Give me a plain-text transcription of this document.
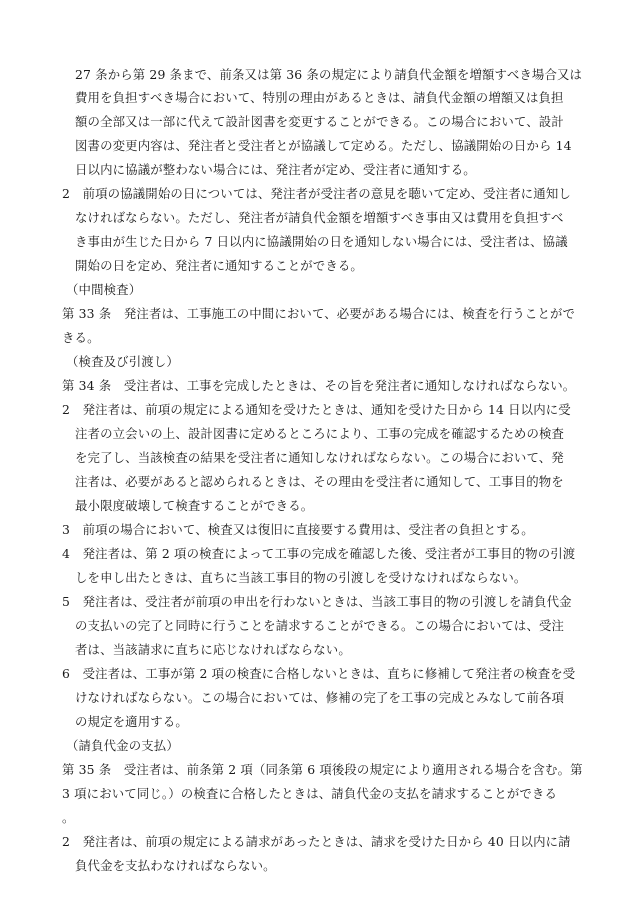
27 条から第 29 条まで、前条又は第 36 条の規定により請負代金額を増額すべき場合又は
費用を負担すべき場合において、特別の理由があるときは、請負代金額の増額又は負担
額の全部又は一部に代えて設計図書を変更することができる。この場合において、設計
図書の変更内容は、発注者と受注者とが協議して定める。ただし、協議開始の日から 14
日以内に協議が整わない場合には、発注者が定め、受注者に通知する。
2　前項の協議開始の日については、発注者が受注者の意見を聴いて定め、受注者に通知し
なければならない。ただし、発注者が請負代金額を増額すべき事由又は費用を負担すべ
き事由が生じた日から 7 日以内に協議開始の日を通知しない場合には、受注者は、協議
開始の日を定め、発注者に通知することができる。
（中間検査）
第 33 条　発注者は、工事施工の中間において、必要がある場合には、検査を行うことがで
きる。
（検査及び引渡し）
第 34 条　受注者は、工事を完成したときは、その旨を発注者に通知しなければならない。
2　発注者は、前項の規定による通知を受けたときは、通知を受けた日から 14 日以内に受
注者の立会いの上、設計図書に定めるところにより、工事の完成を確認するための検査
を完了し、当該検査の結果を受注者に通知しなければならない。この場合において、発
注者は、必要があると認められるときは、その理由を受注者に通知して、工事目的物を
最小限度破壊して検査することができる。
3　前項の場合において、検査又は復旧に直接要する費用は、受注者の負担とする。
4　発注者は、第 2 項の検査によって工事の完成を確認した後、受注者が工事目的物の引渡
しを申し出たときは、直ちに当該工事目的物の引渡しを受けなければならない。
5　発注者は、受注者が前項の申出を行わないときは、当該工事目的物の引渡しを請負代金
の支払いの完了と同時に行うことを請求することができる。この場合においては、受注
者は、当該請求に直ちに応じなければならない。
6　受注者は、工事が第 2 項の検査に合格しないときは、直ちに修補して発注者の検査を受
けなければならない。この場合においては、修補の完了を工事の完成とみなして前各項
の規定を適用する。
（請負代金の支払）
第 35 条　受注者は、前条第 2 項（同条第 6 項後段の規定により適用される場合を含む。第
3 項において同じ。）の検査に合格したときは、請負代金の支払を請求することができる
。
2　発注者は、前項の規定による請求があったときは、請求を受けた日から 40 日以内に請
負代金を支払わなければならない。
